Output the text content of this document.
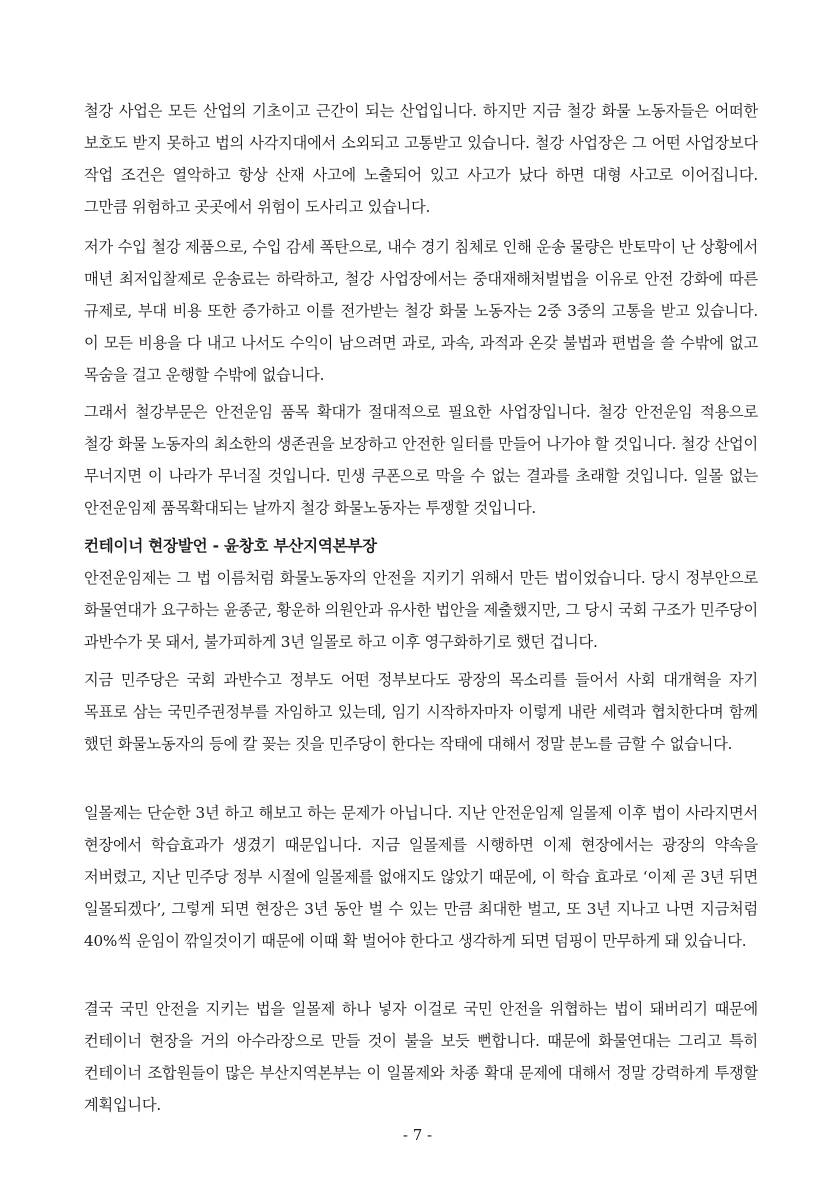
철강 사업은 모든 산업의 기초이고 근간이 되는 산업입니다. 하지만 지금 철강 화물 노동자들은 어떠한 보호도 받지 못하고 법의 사각지대에서 소외되고 고통받고 있습니다. 철강 사업장은 그 어떤 사업장보다 작업 조건은 열악하고 항상 산재 사고에 노출되어 있고 사고가 났다 하면 대형 사고로 이어집니다. 그만큼 위험하고 곳곳에서 위험이 도사리고 있습니다.

저가 수입 철강 제품으로, 수입 감세 폭탄으로, 내수 경기 침체로 인해 운송 물량은 반토막이 난 상황에서 매년 최저입찰제로 운송료는 하락하고, 철강 사업장에서는 중대재해처벌법을 이유로 안전 강화에 따른 규제로, 부대 비용 또한 증가하고 이를 전가받는 철강 화물 노동자는 2중 3중의 고통을 받고 있습니다. 이 모든 비용을 다 내고 나서도 수익이 남으려면 과로, 과속, 과적과 온갖 불법과 편법을 쓸 수밖에 없고 목숨을 걸고 운행할 수밖에 없습니다.

그래서 철강부문은 안전운임 품목 확대가 절대적으로 필요한 사업장입니다. 철강 안전운임 적용으로 철강 화물 노동자의 최소한의 생존권을 보장하고 안전한 일터를 만들어 나가야 할 것입니다. 철강 산업이 무너지면 이 나라가 무너질 것입니다. 민생 쿠폰으로 막을 수 없는 결과를 초래할 것입니다. 일몰 없는 안전운임제 품목확대되는 날까지 철강 화물노동자는 투쟁할 것입니다.

컨테이너 현장발언 - 윤창호 부산지역본부장

안전운임제는 그 법 이름처럼 화물노동자의 안전을 지키기 위해서 만든 법이었습니다. 당시 정부안으로 화물연대가 요구하는 윤종군, 황운하 의원안과 유사한 법안을 제출했지만, 그 당시 국회 구조가 민주당이 과반수가 못 돼서, 불가피하게 3년 일몰로 하고 이후 영구화하기로 했던 겁니다.

지금 민주당은 국회 과반수고 정부도 어떤 정부보다도 광장의 목소리를 들어서 사회 대개혁을 자기 목표로 삼는 국민주권정부를 자임하고 있는데, 임기 시작하자마자 이렇게 내란 세력과 협치한다며 함께 했던 화물노동자의 등에 칼 꽂는 짓을 민주당이 한다는 작태에 대해서 정말 분노를 금할 수 없습니다.

일몰제는 단순한 3년 하고 해보고 하는 문제가 아닙니다. 지난 안전운임제 일몰제 이후 법이 사라지면서 현장에서 학습효과가 생겼기 때문입니다. 지금 일몰제를 시행하면 이제 현장에서는 광장의 약속을 저버렸고, 지난 민주당 정부 시절에 일몰제를 없애지도 않았기 때문에, 이 학습 효과로 ‘이제 곧 3년 뒤면 일몰되겠다’, 그렇게 되면 현장은 3년 동안 벌 수 있는 만큼 최대한 벌고, 또 3년 지나고 나면 지금처럼 40%씩 운임이 깎일것이기 때문에 이때 확 벌어야 한다고 생각하게 되면 덤핑이 만무하게 돼 있습니다.

결국 국민 안전을 지키는 법을 일몰제 하나 넣자 이걸로 국민 안전을 위협하는 법이 돼버리기 때문에 컨테이너 현장을 거의 아수라장으로 만들 것이 불을 보듯 뻔합니다. 때문에 화물연대는 그리고 특히 컨테이너 조합원들이 많은 부산지역본부는 이 일몰제와 차종 확대 문제에 대해서 정말 강력하게 투쟁할 계획입니다.

- 7 -
